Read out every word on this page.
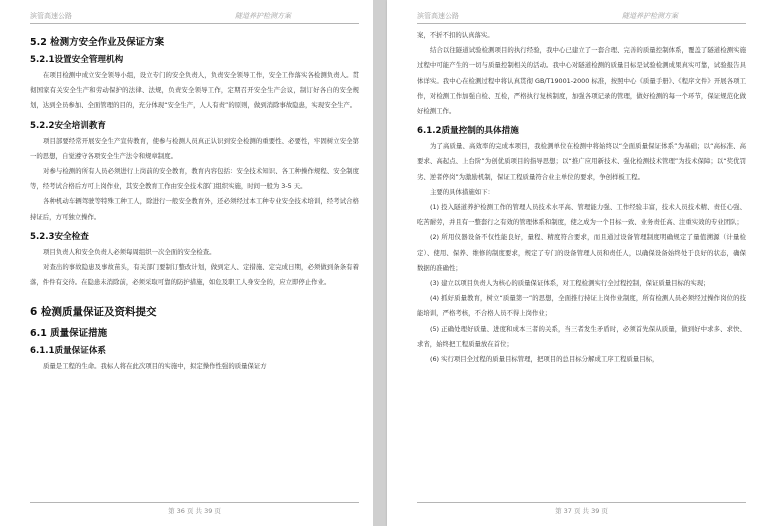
滨管高速公路	隧道养护检测方案
5.2 检测方安全作业及保证方案
5.2.1设置安全管理机构
在项目检测中成立安全领导小组，设立专门的安全负责人，负责安全领导工作，安全工作落实各检测负责人。贯彻国家有关安全生产和劳动保护的法律、法规，负责安全领导工作，定期召开安全生产会议，制订好各自的安全规划，达到全员参加、全面管理的目的，充分体现“安全生产，人人有责”的原则，做到消除事故隐患，实现安全生产。
5.2.2安全培训教育
项目部要经常开展安全生产宣传教育，使参与检测人员真正认识到安全检测的重要性、必要性，牢固树立安全第一的思想，自觉遵守各项安全生产法令和规章制度。
对参与检测的所有人员必须进行上岗前的安全教育，教育内容包括：安全技术知识、各工种操作规程、安全制度等，经考试合格后方可上岗作业，其安全教育工作由安全技术部门组织实施，时间一般为 3-5 天。
各种机动车辆驾驶等特殊工种工人，除进行一般安全教育外，还必须经过本工种专业安全技术培训，经考试合格持证后，方可独立操作。
5.2.3安全检查
项目负责人和安全负责人必须每周组织一次全面的安全检查。
对查出的事故隐患及事故苗头，有关部门要制订整改计划，做到定人、定措施、定完成日期，必须做到条条有着落，件件有交待。在隐患未消除前，必须采取可靠的防护措施，如危及职工人身安全的，应立即停止作业。
6 检测质量保证及资料提交
6.1 质量保证措施
6.1.1质量保证体系
质量是工程的生命。我标人将在此次项目的实施中，拟定操作性强的质量保证方
第 36 页 共 39 页
滨管高速公路	隧道养护检测方案
案，不折不扣的认真落实。
结合以往隧道试验检测项目的执行经验，我中心已建立了一套合理、完善的质量控制体系，覆盖了隧道检测实施过程中可能产生的一切与质量控制相关的活动。我中心对隧道检测的质量目标是试验检测成果真实可靠，试验报告具体详实。我中心在检测过程中将认真贯彻 GB/T19001-2000 标准，按照中心《质量手册》、《程序文件》开展各项工作，对检测工作加强自检、互检，严格执行复核制度，加强各项记录的管理，做好检测的每一个环节，保证规范化做好检测工作。
6.1.2质量控制的具体措施
为了高质量、高效率的完成本项目，我检测单位在检测中将始终以“全面质量保证体系”为基础；以“高标准、高要求、高起点、上台阶”为创优质项目的指导思想；以“推广应用新技术、强化检测技术管理”为技术保障；以“奖优罚劣、逆者停岗”为激励机制，保证工程质量符合业主单位的要求，争创样板工程。
主要的具体措施如下：
(1) 投入隧道养护检测工作的管理人员技术水平高、管理能力强、工作经验丰富，技术人员技术精、责任心强、吃苦耐劳，并且有一整套行之有效的管理体系和制度，使之成为一个目标一致、业务责任高、注重实效的专业团队；
(2) 所用仪器设备不仅性能良好，量程、精度符合要求，而且通过设备管理制度明确规定了量值溯源（计量检定）、使用、保养、维修的制度要求，规定了专门的设备管理人员和责任人，以确保设备始终处于良好的状态，确保数据的准确性；
(3) 建立以项目负责人为核心的质量保证体系，对工程检测实行全过程控制，保证质量目标的实现；
(4) 抓好质量教育，树立“质量第一”的思想，全面推行持证上岗作业制度，所有检测人员必须经过操作岗位的技能培训，严格考核，不合格人员不得上岗作业；
(5) 正确处理好质量、进度和成本三者的关系，当三者发生矛盾时，必须首先保从质量，做到好中求多、求快、求省，始终把工程质量放在首位；
(6) 实行项目全过程的质量目标管理，把项目的总目标分解成工序工程质量目标，
第 37 页 共 39 页
